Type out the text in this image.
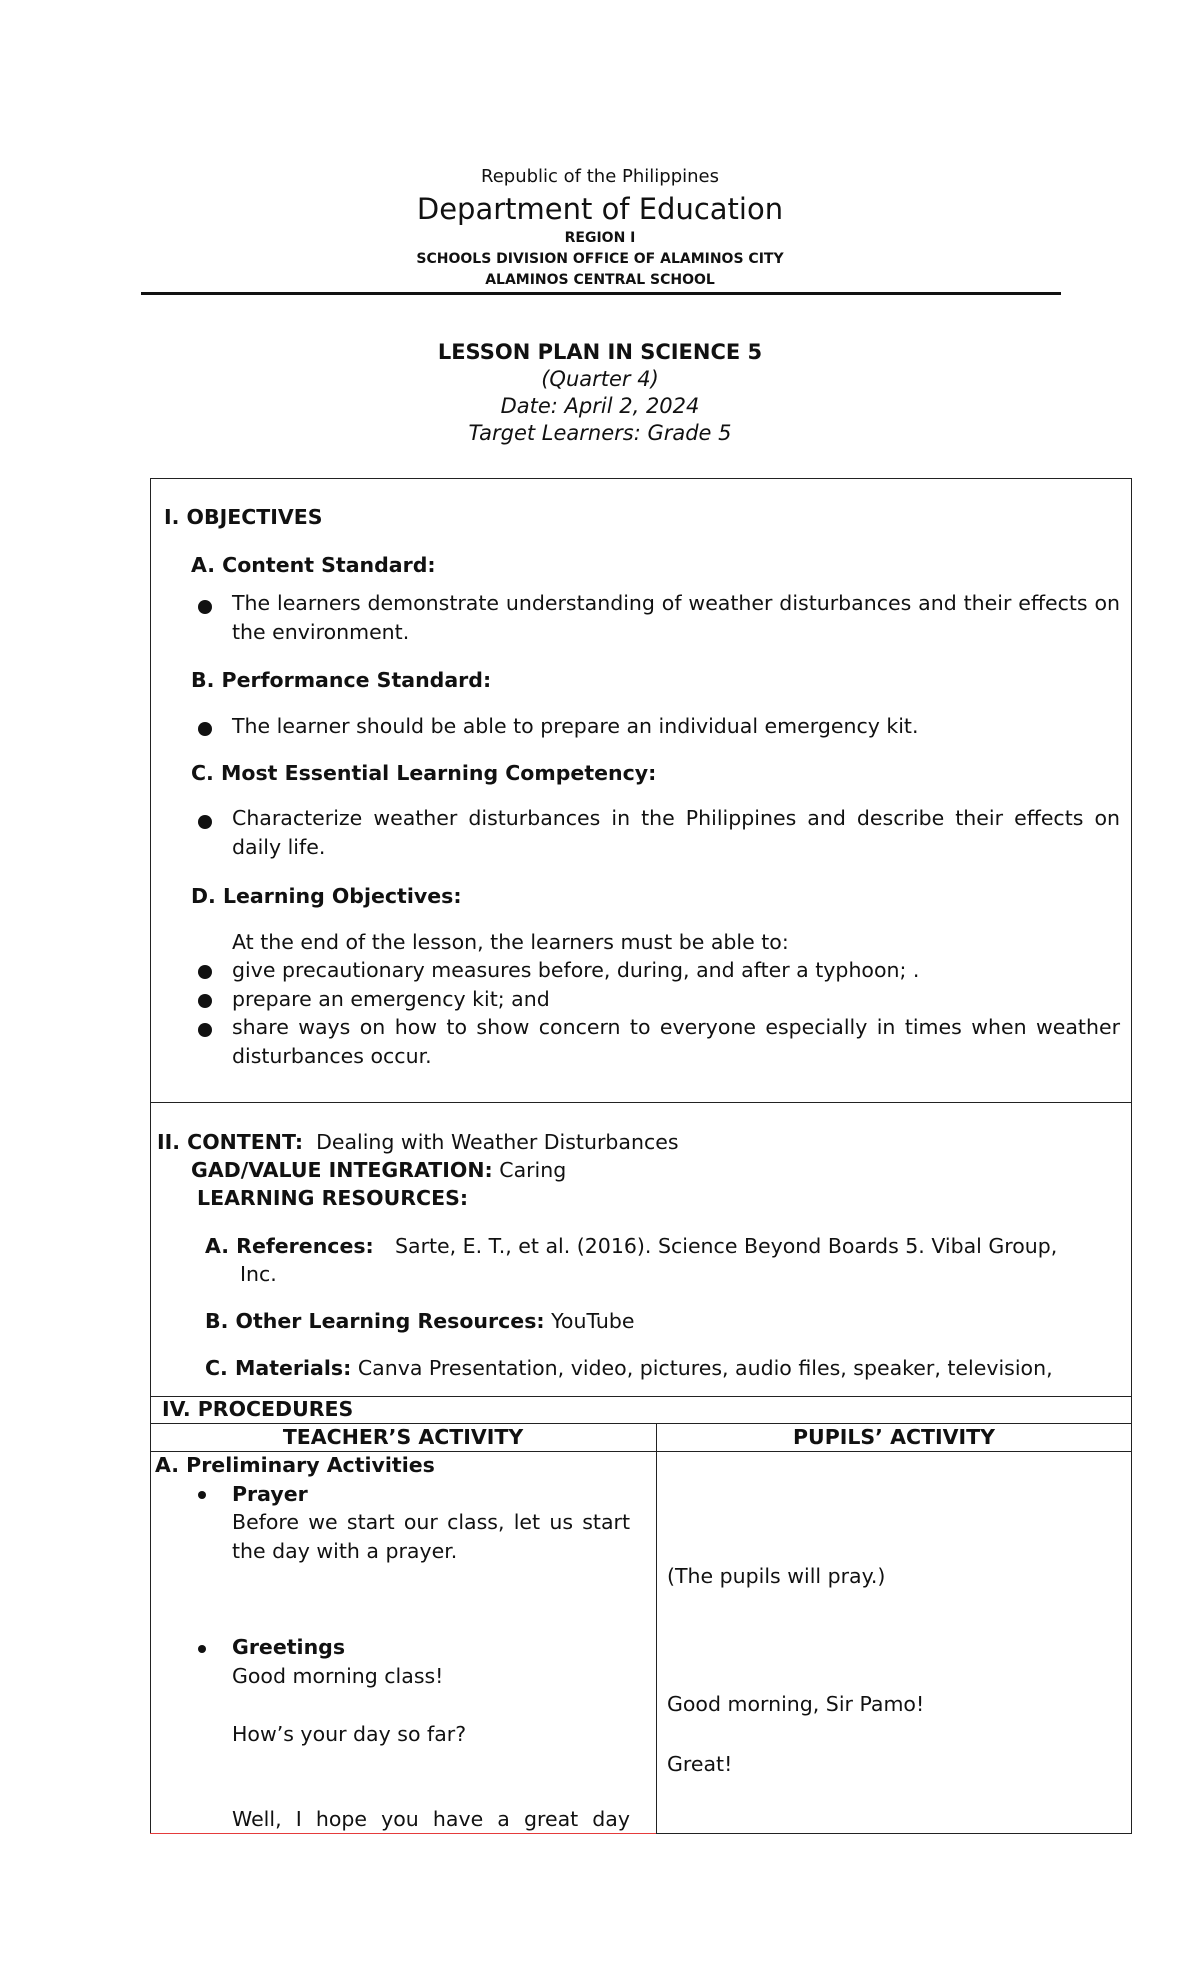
Republic of the Philippines
Department of Education
REGION I
SCHOOLS DIVISION OFFICE OF ALAMINOS CITY
ALAMINOS CENTRAL SCHOOL
LESSON PLAN IN SCIENCE 5
(Quarter 4)
Date: April 2, 2024
Target Learners: Grade 5
I. OBJECTIVES
A. Content Standard:
The learners demonstrate understanding of weather disturbances and their effects on the environment.
B. Performance Standard:
The learner should be able to prepare an individual emergency kit.
C. Most Essential Learning Competency:
Characterize weather disturbances in the Philippines and describe their effects on daily life.
D. Learning Objectives:
At the end of the lesson, the learners must be able to:
give precautionary measures before, during, and after a typhoon; .
prepare an emergency kit; and
share ways on how to show concern to everyone especially in times when weather disturbances occur.
II. CONTENT: Dealing with Weather Disturbances
GAD/VALUE INTEGRATION: Caring
LEARNING RESOURCES:
A. References: Sarte, E. T., et al. (2016). Science Beyond Boards 5. Vibal Group,
Inc.
B. Other Learning Resources: YouTube
C. Materials: Canva Presentation, video, pictures, audio files, speaker, television,
IV. PROCEDURES
TEACHER’S ACTIVITY	PUPILS’ ACTIVITY
A. Preliminary Activities
Prayer
Before we start our class, let us start the day with a prayer.
(The pupils will pray.)
Greetings
Good morning class!
Good morning, Sir Pamo!
How’s your day so far?
Great!
Well, I hope you have a great day
